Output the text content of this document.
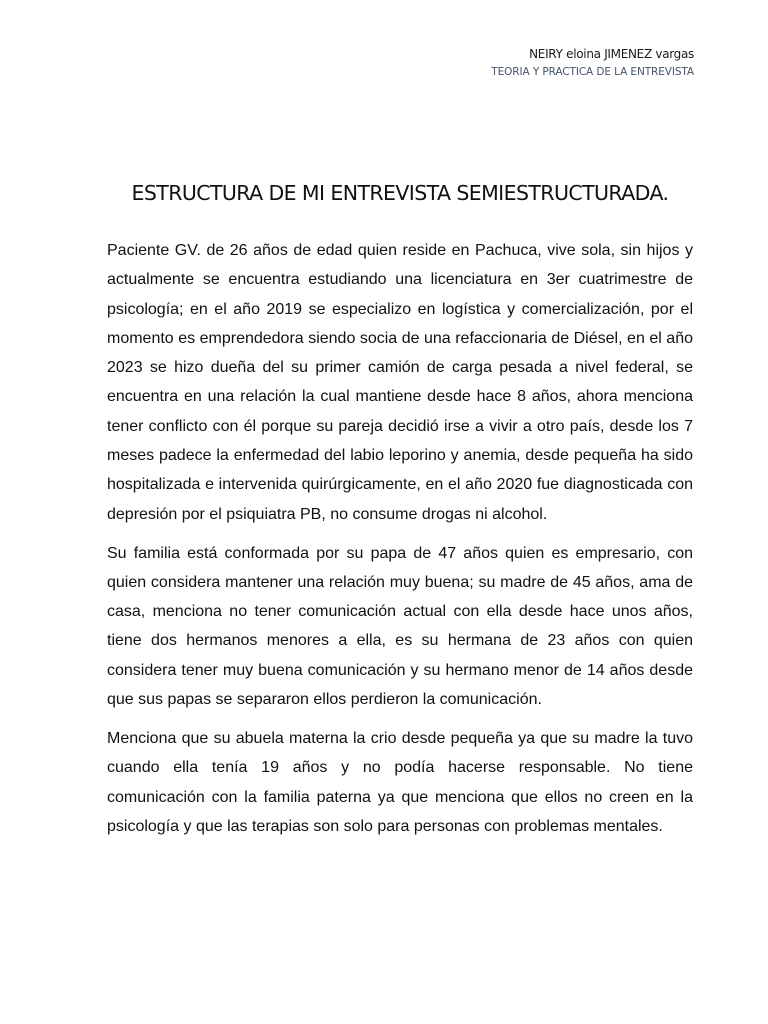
NEIRY eloina JIMENEZ vargas
TEORIA Y PRACTICA DE LA ENTREVISTA
ESTRUCTURA DE MI ENTREVISTA SEMIESTRUCTURADA.

Paciente GV. de 26 años de edad quien reside en Pachuca, vive sola, sin hijos y actualmente se encuentra estudiando una licenciatura en 3er cuatrimestre de psicología; en el año 2019 se especializo en logística y comercialización, por el momento es emprendedora siendo socia de una refaccionaria de Diésel, en el año 2023 se hizo dueña del su primer camión de carga pesada a nivel federal, se encuentra en una relación la cual mantiene desde hace 8 años, ahora menciona tener conflicto con él porque su pareja decidió irse a vivir a otro país, desde los 7 meses padece la enfermedad del labio leporino y anemia, desde pequeña ha sido hospitalizada e intervenida quirúrgicamente, en el año 2020 fue diagnosticada con depresión por el psiquiatra PB, no consume drogas ni alcohol.

Su familia está conformada por su papa de 47 años quien es empresario, con quien considera mantener una relación muy buena; su madre de 45 años, ama de casa, menciona no tener comunicación actual con ella desde hace unos años, tiene dos hermanos menores a ella, es su hermana de 23 años con quien considera tener muy buena comunicación y su hermano menor de 14 años desde que sus papas se separaron ellos perdieron la comunicación.

Menciona que su abuela materna la crio desde pequeña ya que su madre la tuvo cuando ella tenía 19 años y no podía hacerse responsable. No tiene comunicación con la familia paterna ya que menciona que ellos no creen en la psicología y que las terapias son solo para personas con problemas mentales.
